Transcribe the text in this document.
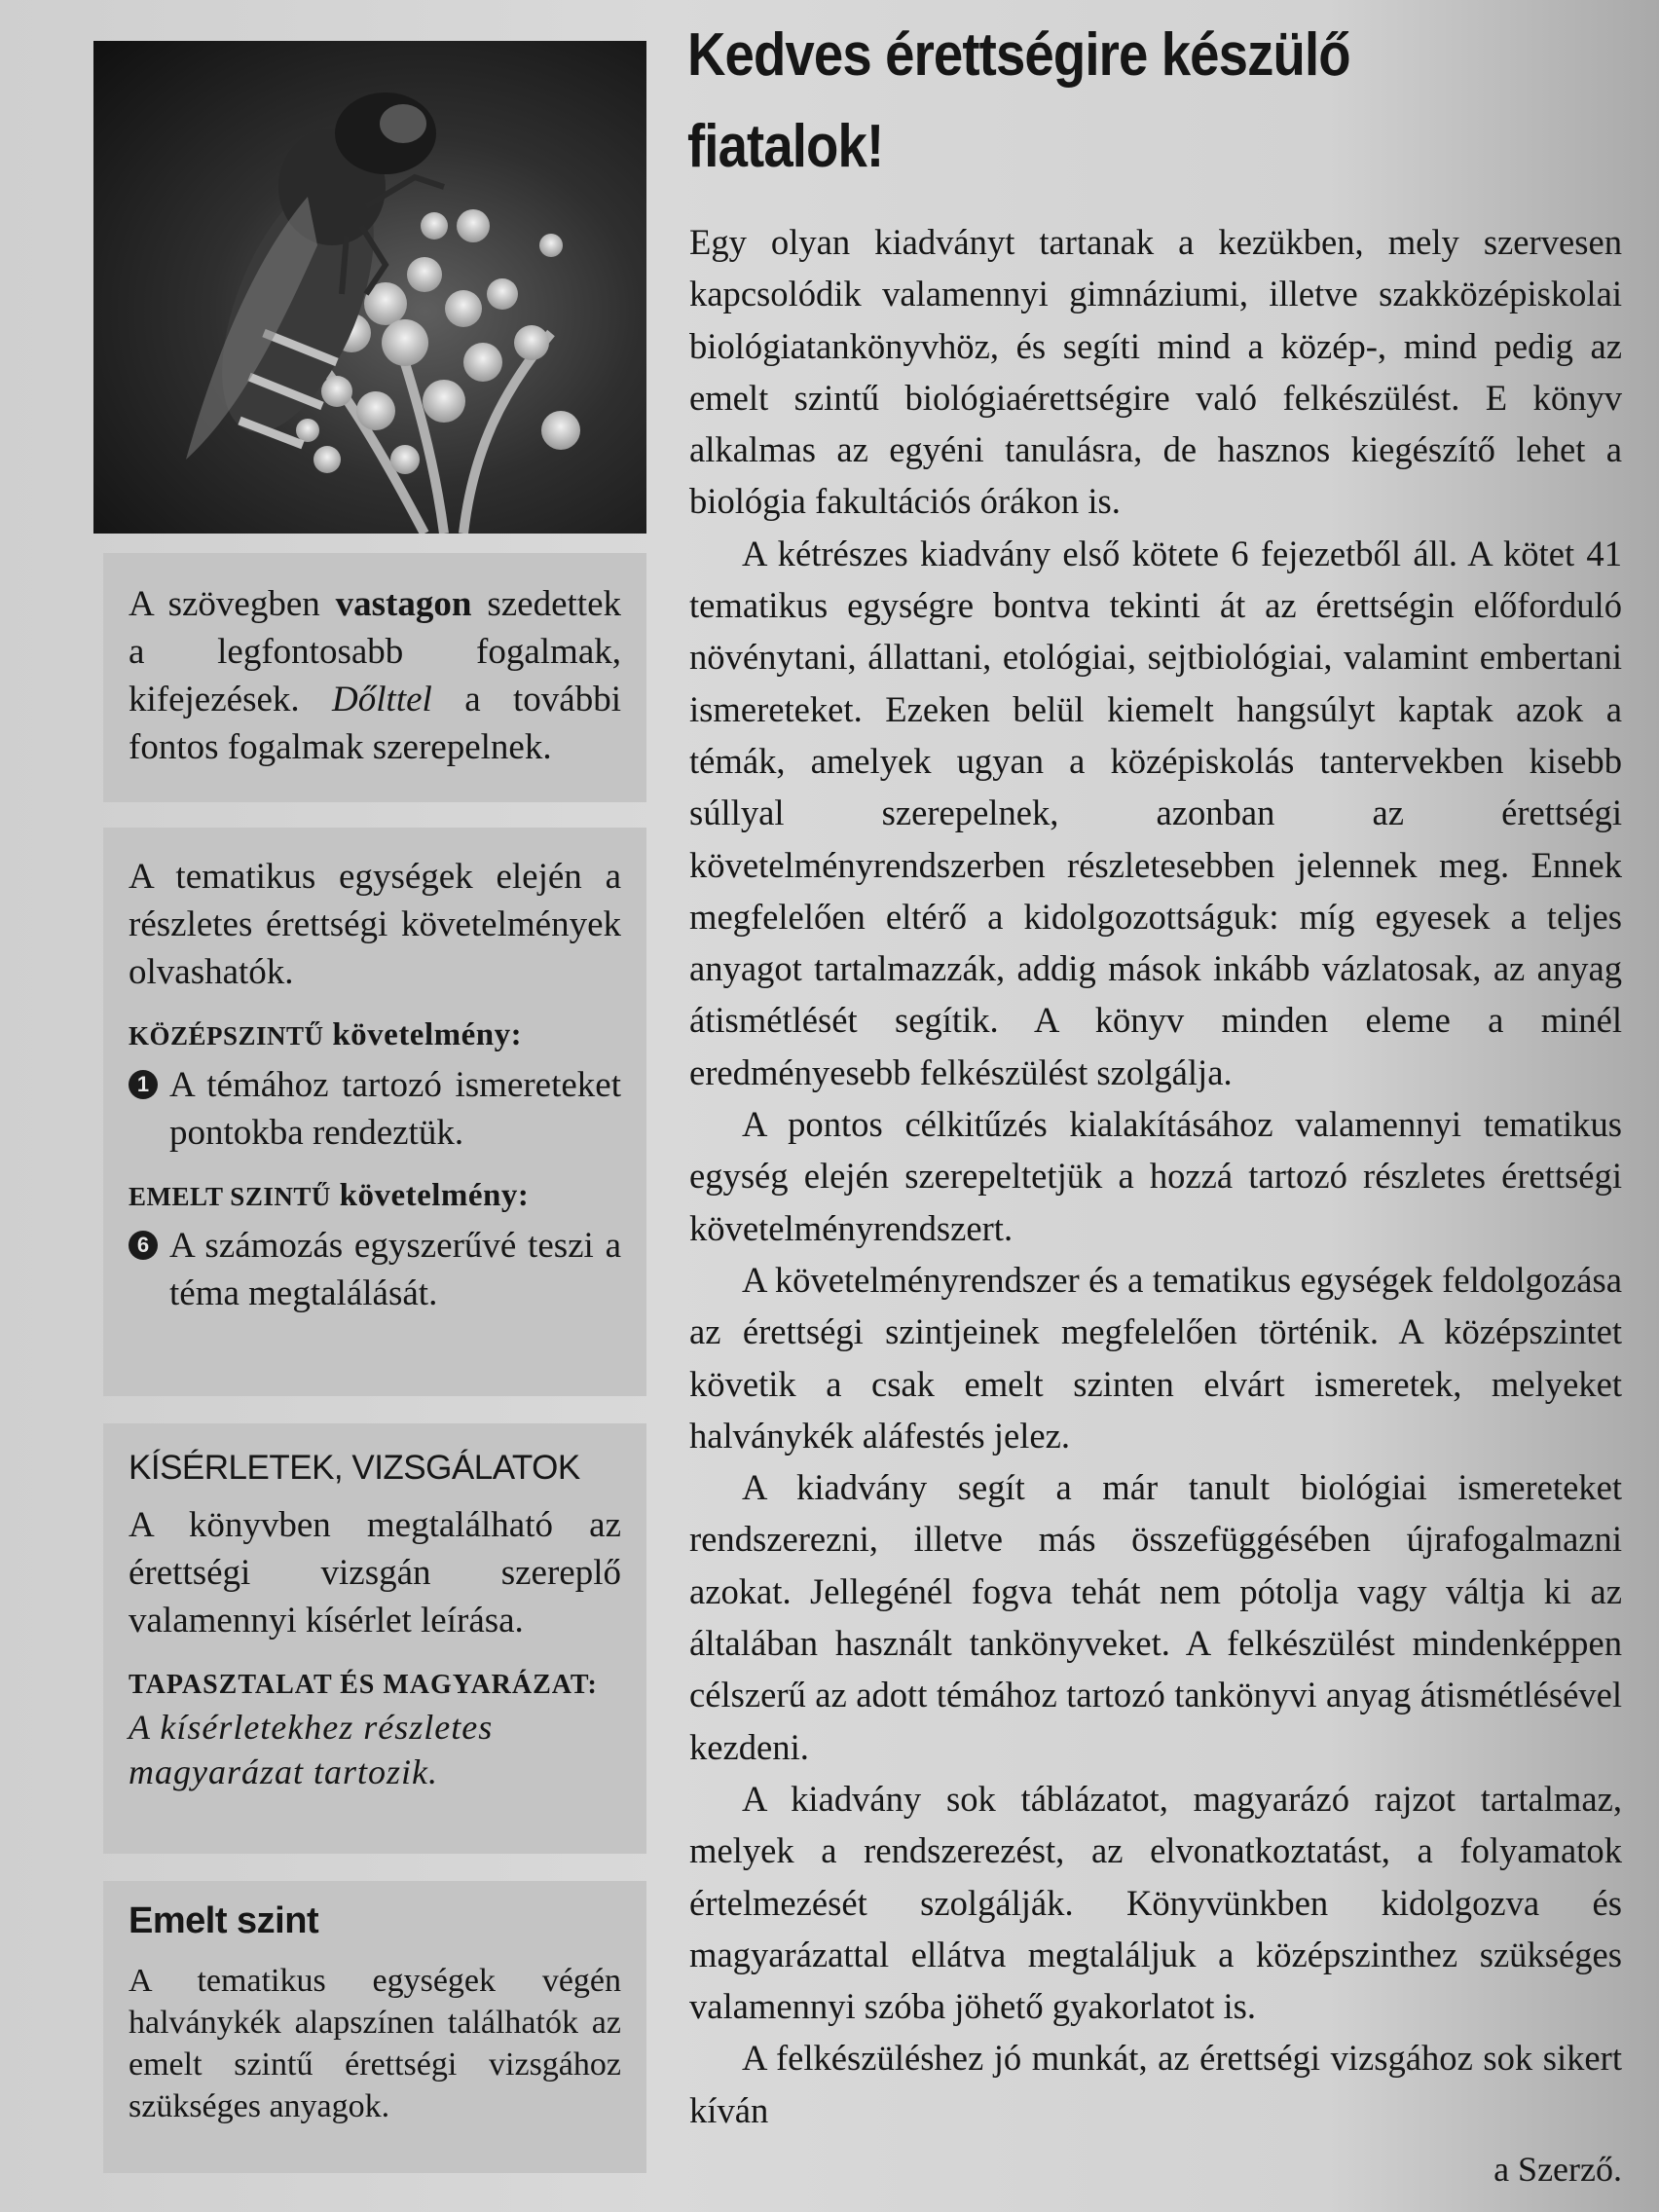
A szövegben vastagon szedettek a legfontosabb fogalmak, kifejezések. Dőlttel a további fontos fogalmak szerepelnek.

A tematikus egységek elején a részletes érettségi követelmények olvashatók.

KÖZÉPSZINTŰ követelmény:
1 A témához tartozó ismereteket pontokba rendeztük.
EMELT SZINTŰ követelmény:
6 A számozás egyszerűvé teszi a téma megtalálását.
KÍSÉRLETEK, VIZSGÁLATOK

A könyvben megtalálható az érettségi vizsgán szereplő valamennyi kísérlet leírása.

TAPASZTALAT ÉS MAGYARÁZAT:

A kísérletekhez részletes magyarázat tartozik.

Emelt szint

A tematikus egységek végén halványkék alapszínen találhatók az emelt szintű érettségi vizsgához szükséges anyagok.

Kedves érettségire készülő fiatalok!

Egy olyan kiadványt tartanak a kezükben, mely szervesen kapcsolódik valamennyi gimnáziumi, illetve szakközépiskolai biológiatankönyvhöz, és segíti mind a közép-, mind pedig az emelt szintű biológiaérettségire való felkészülést. E könyv alkalmas az egyéni tanulásra, de hasznos kiegészítő lehet a biológia fakultációs órákon is.

A kétrészes kiadvány első kötete 6 fejezetből áll. A kötet 41 tematikus egységre bontva tekinti át az érettségin előforduló növénytani, állattani, etológiai, sejtbiológiai, valamint embertani ismereteket. Ezeken belül kiemelt hangsúlyt kaptak azok a témák, amelyek ugyan a középiskolás tantervekben kisebb súllyal szerepelnek, azonban az érettségi követelményrendszerben részletesebben jelennek meg. Ennek megfelelően eltérő a kidolgozottságuk: míg egyesek a teljes anyagot tartalmazzák, addig mások inkább vázlatosak, az anyag átismétlését segítik. A könyv minden eleme a minél eredményesebb felkészülést szolgálja.

A pontos célkitűzés kialakításához valamennyi tematikus egység elején szerepeltetjük a hozzá tartozó részletes érettségi követelményrendszert.

A követelményrendszer és a tematikus egységek feldolgozása az érettségi szintjeinek megfelelően történik. A középszintet követik a csak emelt szinten elvárt ismeretek, melyeket halványkék aláfestés jelez.

A kiadvány segít a már tanult biológiai ismereteket rendszerezni, illetve más összefüggésében újrafogalmazni azokat. Jellegénél fogva tehát nem pótolja vagy váltja ki az általában használt tankönyveket. A felkészülést mindenképpen célszerű az adott témához tartozó tankönyvi anyag átismétlésével kezdeni.

A kiadvány sok táblázatot, magyarázó rajzot tartalmaz, melyek a rendszerezést, az elvonatkoztatást, a folyamatok értelmezését szolgálják. Könyvünkben kidolgozva és magyarázattal ellátva megtaláljuk a középszinthez szükséges valamennyi szóba jöhető gyakorlatot is.

A felkészüléshez jó munkát, az érettségi vizsgához sok sikert kíván

a Szerző.
